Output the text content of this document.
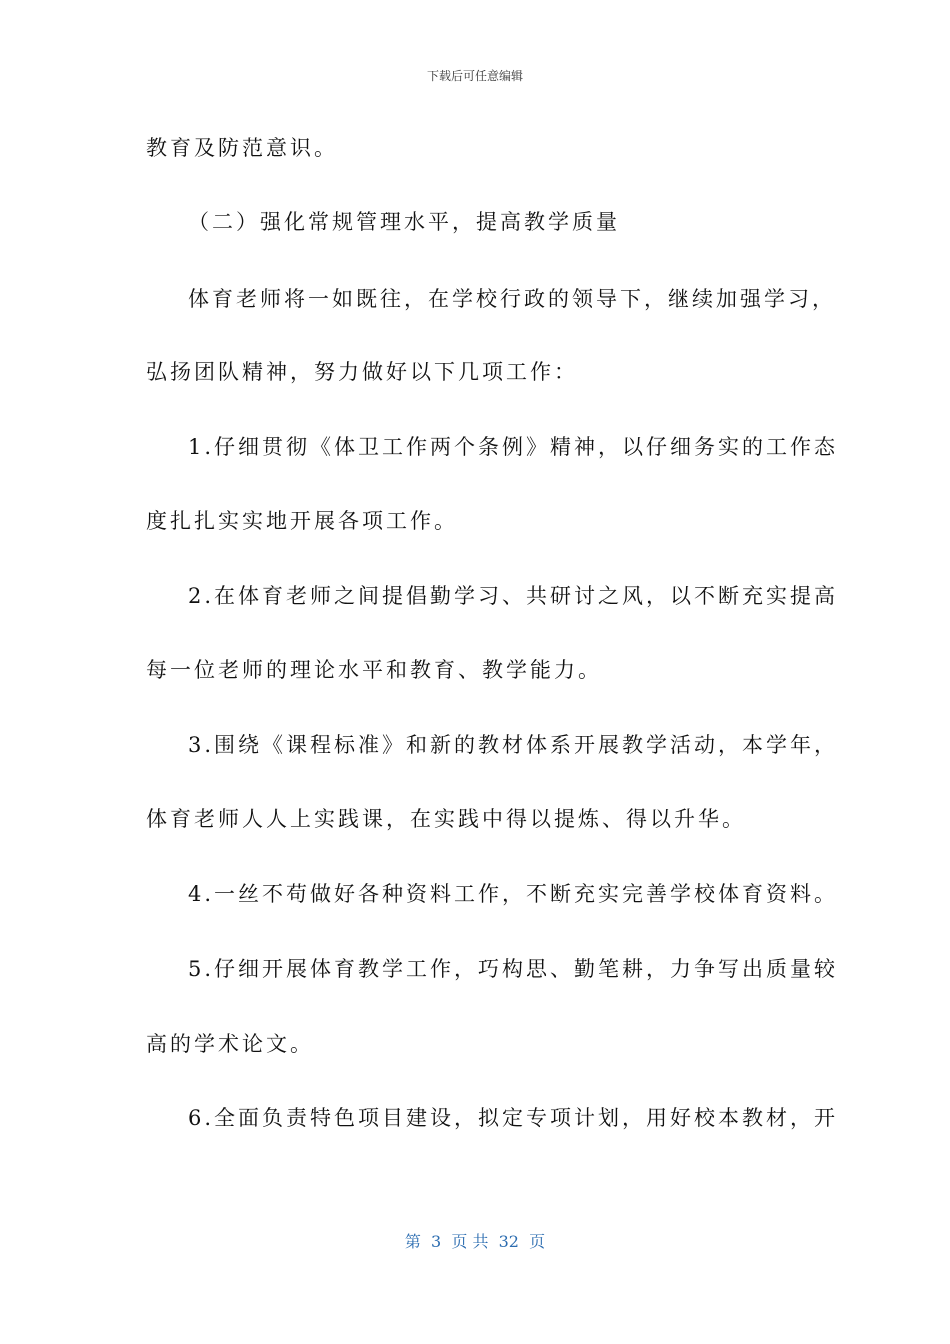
下载后可任意编辑
教育及防范意识。
（二）强化常规管理水平，提高教学质量
体育老师将一如既往，在学校行政的领导下，继续加强学习，
弘扬团队精神，努力做好以下几项工作：
1.仔细贯彻《体卫工作两个条例》精神，以仔细务实的工作态
度扎扎实实地开展各项工作。
2.在体育老师之间提倡勤学习、共研讨之风，以不断充实提高
每一位老师的理论水平和教育、教学能力。
3.围绕《课程标准》和新的教材体系开展教学活动，本学年，
体育老师人人上实践课，在实践中得以提炼、得以升华。
4.一丝不苟做好各种资料工作，不断充实完善学校体育资料。
5.仔细开展体育教学工作，巧构思、勤笔耕，力争写出质量较
高的学术论文。
6.全面负责特色项目建设，拟定专项计划，用好校本教材，开
第  3  页 共  32  页
